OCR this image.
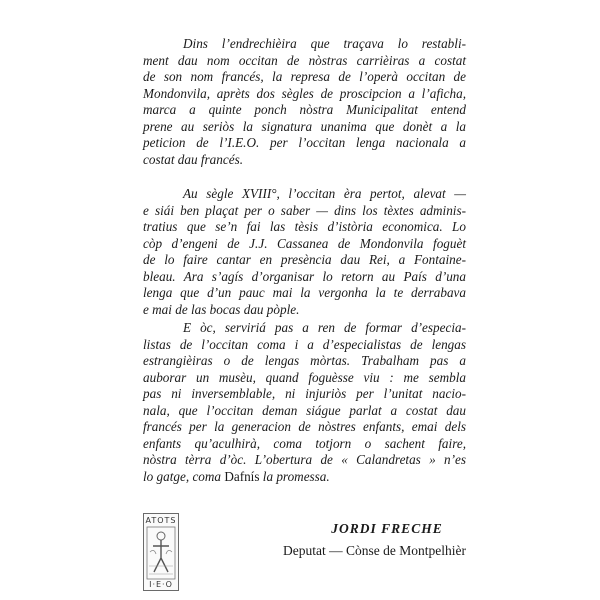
Dins l’endrechièira que traçava lo restabli-
ment dau nom occitan de nòstras carrièiras a costat
de son nom francés, la represa de l’operà occitan de
Mondonvila, aprèts dos sègles de proscipcion a l’aficha,
marca a quinte ponch nòstra Municipalitat entend
prene au seriòs la signatura unanima que donèt a la
peticion de l’I.E.O. per l’occitan lenga nacionala a
costat dau francés.
Au sègle XVIII°, l’occitan èra pertot, alevat —
e siái ben plaçat per o saber — dins los tèxtes adminis-
tratius que se’n fai las tèsis d’istòria economica. Lo
còp d’engeni de J.J. Cassanea de Mondonvila foguèt
de lo faire cantar en presència dau Rei, a Fontaine-
bleau. Ara s’agís d’organisar lo retorn au País d’una
lenga que d’un pauc mai la vergonha la te derrabava
e mai de las bocas dau pòple.
E òc, serviriá pas a ren de formar d’especia-
listas de l’occitan coma i a d’especialistas de lengas
estrangièiras o de lengas mòrtas. Trabalham pas a
auborar un musèu, quand foguèsse viu : me sembla
pas ni inversemblable, ni injuriòs per l’unitat nacio-
nala, que l’occitan deman siágue parlat a costat dau
francés per la generacion de nòstres enfants, emai dels
enfants qu’aculhirà, coma totjorn o sachent faire,
nòstra tèrra d’òc. L’obertura de « Calandretas » n’es
lo gatge, coma Dafnís la promessa.
ATOTS
I·E·O
JORDI FRECHE
Deputat — Cònse de Montpelhièr
